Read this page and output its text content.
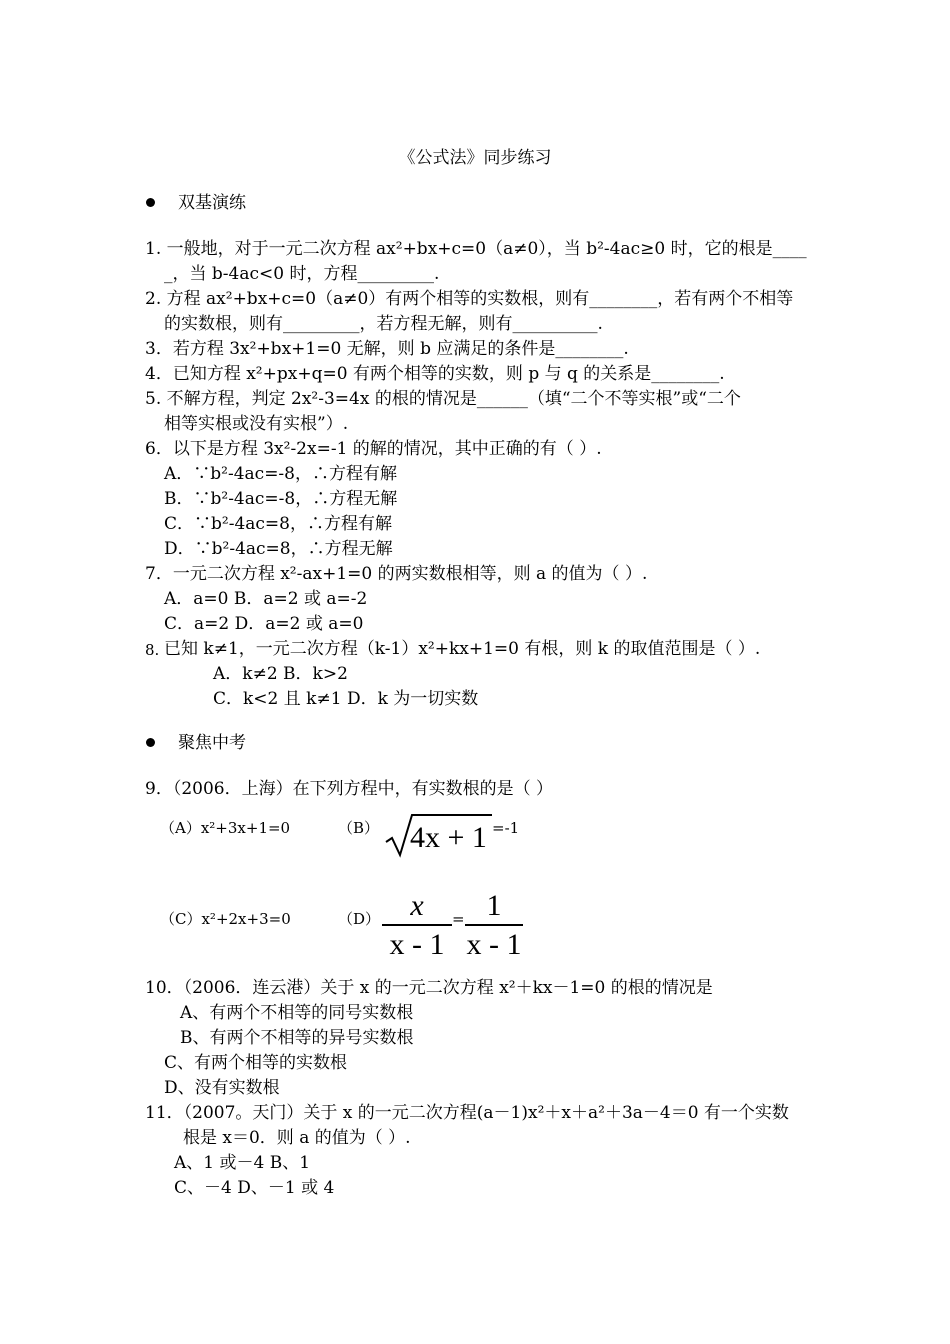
《公式法》同步练习
双基演练
1. 一般地，对于一元二次方程 ax²+bx+c=0（a≠0），当 b²-4ac≥0 时，它的根是____
_，当 b-4ac<0 时，方程_________.
2. 方程 ax²+bx+c=0（a≠0）有两个相等的实数根，则有________，若有两个不相等
的实数根，则有_________，若方程无解，则有__________.
3．若方程 3x²+bx+1=0 无解，则 b 应满足的条件是________.
4．已知方程 x²+px+q=0 有两个相等的实数，则 p 与 q 的关系是________.
5. 不解方程，判定 2x²-3=4x 的根的情况是______（填“二个不等实根”或“二个
相等实根或没有实根”）.
6．以下是方程 3x²-2x=-1 的解的情况，其中正确的有（ ）.
A．∵b²-4ac=-8，∴方程有解
B．∵b²-4ac=-8，∴方程无解
C．∵b²-4ac=8，∴方程有解
D．∵b²-4ac=8，∴方程无解
7．一元二次方程 x²-ax+1=0 的两实数根相等，则 a 的值为（ ）.
A．a=0 B．a=2 或 a=-2
C．a=2 D．a=2 或 a=0
8. 已知 k≠1，一元二次方程（k-1）x²+kx+1=0 有根，则 k 的取值范围是（ ）.
A．k≠2 B．k>2
C．k<2 且 k≠1 D．k 为一切实数
聚焦中考
9．（2006．上海）在下列方程中，有实数根的是（ ）
（A）x²+3x+1=0	（B） 4x + 1 =-1
（C）x²+2x+3=0	（D）	x
x - 1
= 1
x - 1
10．（2006．连云港）关于 x 的一元二次方程 x²＋kx－1=0 的根的情况是
A、有两个不相等的同号实数根
B、有两个不相等的异号实数根
C、有两个相等的实数根
D、没有实数根
11．（2007。天门）关于 x 的一元二次方程(a－1)x²＋x＋a²＋3a－4＝0 有一个实数
根是 x＝0．则 a 的值为（ ）.
A、1 或－4 B、1
C、－4 D、－1 或 4
